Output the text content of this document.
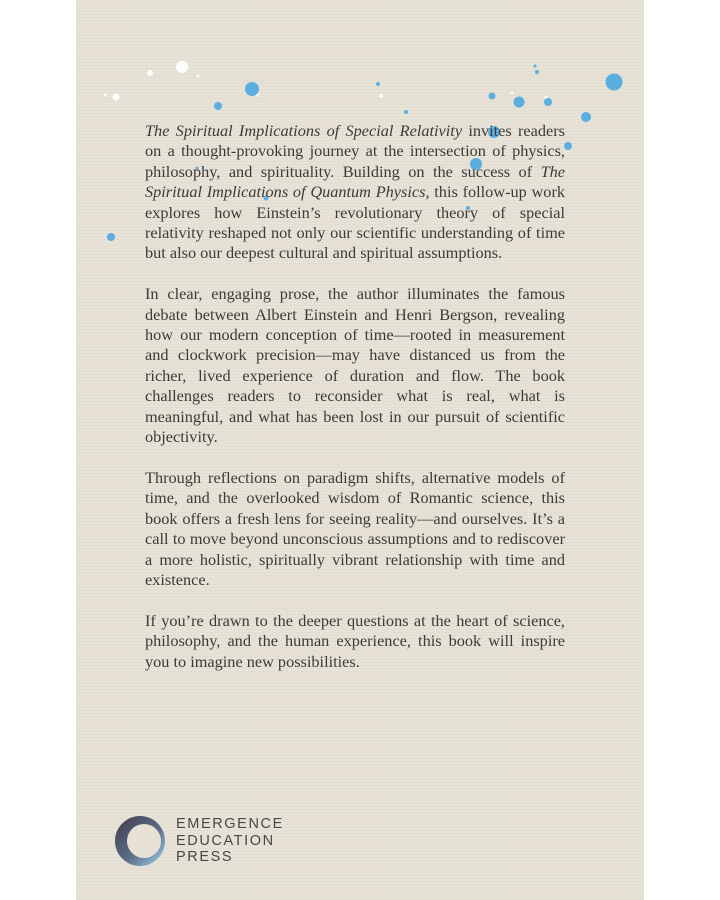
The Spiritual Implications of Special Relativity invites readers on a thought-provoking journey at the intersection of physics, philosophy, and spirituality. Building on the success of The Spiritual Implications of Quantum Physics, this follow-up work explores how Einstein’s revolutionary theory of special relativity reshaped not only our scientific understanding of time but also our deepest cultural and spiritual assumptions.

In clear, engaging prose, the author illuminates the famous debate between Albert Einstein and Henri Bergson, revealing how our modern conception of time—rooted in measurement and clockwork precision—may have distanced us from the richer, lived experience of duration and flow. The book challenges readers to reconsider what is real, what is meaningful, and what has been lost in our pursuit of scientific objectivity.

Through reflections on paradigm shifts, alternative models of time, and the overlooked wisdom of Romantic science, this book offers a fresh lens for seeing reality—and ourselves. It’s a call to move beyond unconscious assumptions and to rediscover a more holistic, spiritually vibrant relationship with time and existence.

If you’re drawn to the deeper questions at the heart of science, philosophy, and the human experience, this book will inspire you to imagine new possibilities.

EMERGENCE
EDUCATION
PRESS
